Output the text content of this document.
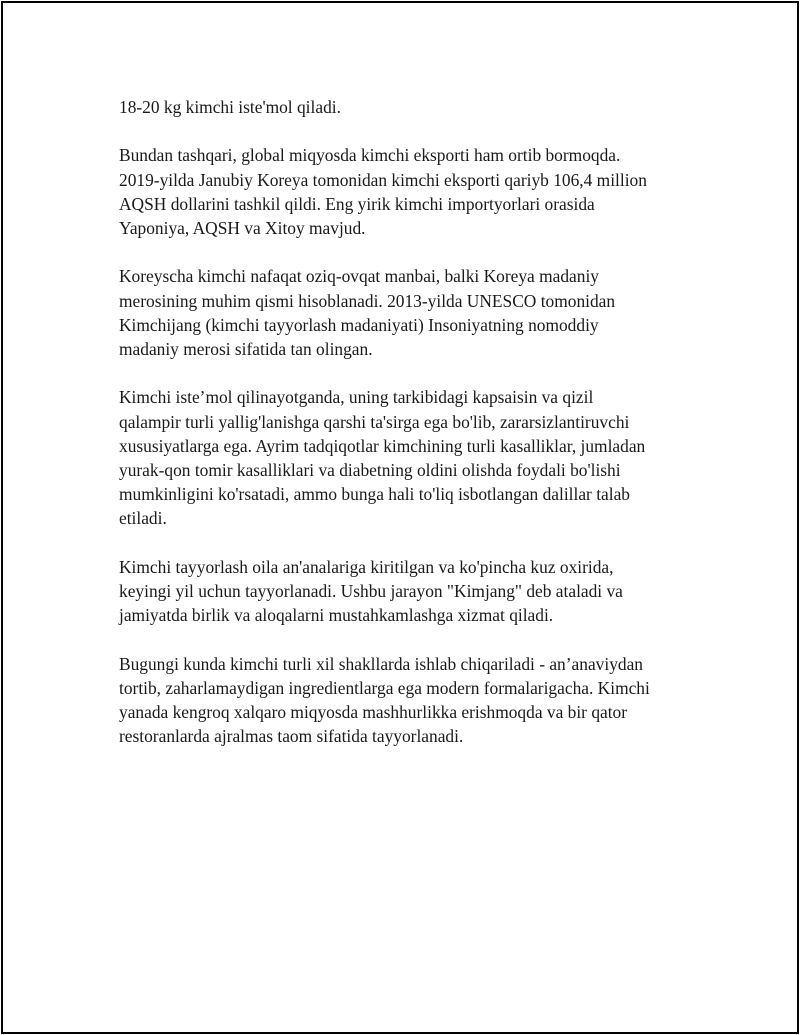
18-20 kg kimchi iste'mol qiladi.

Bundan tashqari, global miqyosda kimchi eksporti ham ortib bormoqda.
2019-yilda Janubiy Koreya tomonidan kimchi eksporti qariyb 106,4 million
AQSH dollarini tashkil qildi. Eng yirik kimchi importyorlari orasida
Yaponiya, AQSH va Xitoy mavjud.

Koreyscha kimchi nafaqat oziq-ovqat manbai, balki Koreya madaniy
merosining muhim qismi hisoblanadi. 2013-yilda UNESCO tomonidan
Kimchijang (kimchi tayyorlash madaniyati) Insoniyatning nomoddiy
madaniy merosi sifatida tan olingan.

Kimchi iste’mol qilinayotganda, uning tarkibidagi kapsaisin va qizil
qalampir turli yallig'lanishga qarshi ta'sirga ega bo'lib, zararsizlantiruvchi
xususiyatlarga ega. Ayrim tadqiqotlar kimchining turli kasalliklar, jumladan
yurak-qon tomir kasalliklari va diabetning oldini olishda foydali bo'lishi
mumkinligini ko'rsatadi, ammo bunga hali to'liq isbotlangan dalillar talab
etiladi.

Kimchi tayyorlash oila an'analariga kiritilgan va ko'pincha kuz oxirida,
keyingi yil uchun tayyorlanadi. Ushbu jarayon "Kimjang" deb ataladi va
jamiyatda birlik va aloqalarni mustahkamlashga xizmat qiladi.

Bugungi kunda kimchi turli xil shakllarda ishlab chiqariladi - an’anaviydan
tortib, zaharlamaydigan ingredientlarga ega modern formalarigacha. Kimchi
yanada kengroq xalqaro miqyosda mashhurlikka erishmoqda va bir qator
restoranlarda ajralmas taom sifatida tayyorlanadi.
